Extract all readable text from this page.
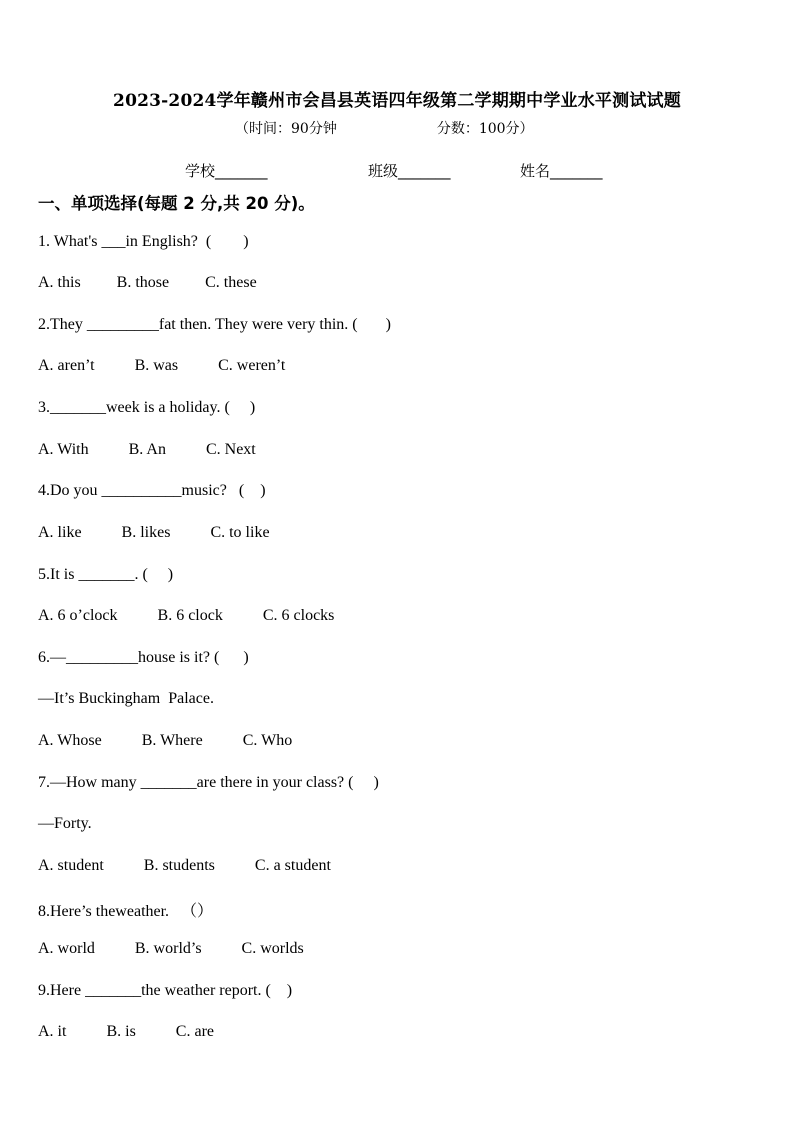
2023-2024学年赣州市会昌县英语四年级第二学期期中学业水平测试试题
（时间：90分钟	分数：100分）
学校_______	班级_______	姓名_______
一、单项选择(每题 2 分,共 20 分)。
1. What's ___in English?  (        )
A. this         B. those         C. these
2.They _________fat then. They were very thin. (       )
A. aren’t          B. was          C. weren’t
3._______week is a holiday. (     )
A. With          B. An          C. Next
4.Do you __________music?   (    )
A. like          B. likes          C. to like
5.It is _______. (     )
A. 6 o’clock          B. 6 clock          C. 6 clocks
6.—_________house is it? (      )
—It’s Buckingham  Palace.
A. Whose          B. Where          C. Who
7.—How many _______are there in your class? (     )
—Forty.
A. student          B. students          C. a student
8.Here’s theweather.   （）
A. world          B. world’s          C. worlds
9.Here _______the weather report. (    )
A. it          B. is          C. are
